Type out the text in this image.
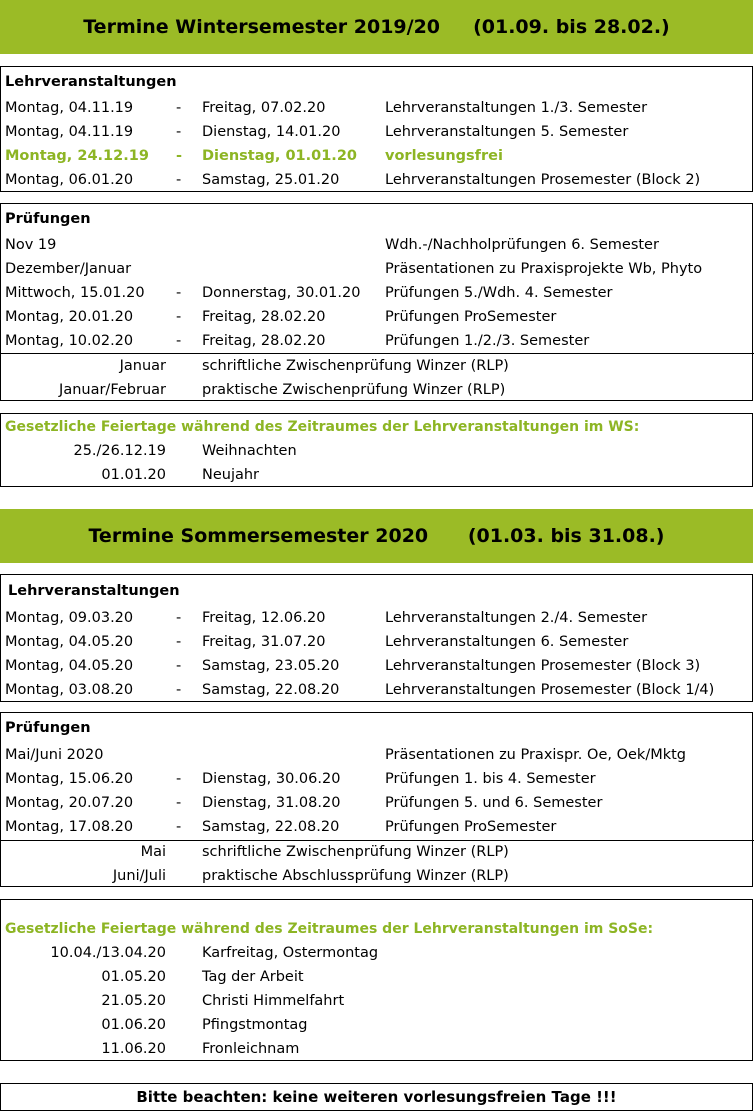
Termine Wintersemester 2019/20     (01.09. bis 28.02.)
Lehrveranstaltungen
Montag, 04.11.19	- Freitag, 07.02.20	Lehrveranstaltungen 1./3. Semester
Montag, 04.11.19	- Dienstag, 14.01.20	Lehrveranstaltungen 5. Semester
Montag, 24.12.19 - Dienstag, 01.01.20 vorlesungsfrei
Montag, 06.01.20	- Samstag, 25.01.20	Lehrveranstaltungen Prosemester (Block 2)
Prüfungen
Nov 19	Wdh.-/Nachholprüfungen 6. Semester
Dezember/Januar	Präsentationen zu Praxisprojekte Wb, Phyto
Mittwoch, 15.01.20 - Donnerstag, 30.01.20 Prüfungen 5./Wdh. 4. Semester
Montag, 20.01.20	- Freitag, 28.02.20	Prüfungen ProSemester
Montag, 10.02.20	- Freitag, 28.02.20	Prüfungen 1./2./3. Semester
Januar schriftliche Zwischenprüfung Winzer (RLP)
Januar/Februar praktische Zwischenprüfung Winzer (RLP)
Gesetzliche Feiertage während des Zeitraumes der Lehrveranstaltungen im WS:
25./26.12.19 Weihnachten
01.01.20 Neujahr
Termine Sommersemester 2020      (01.03. bis 31.08.)
Lehrveranstaltungen
Montag, 09.03.20	- Freitag, 12.06.20	Lehrveranstaltungen 2./4. Semester
Montag, 04.05.20	- Freitag, 31.07.20	Lehrveranstaltungen 6. Semester
Montag, 04.05.20	- Samstag, 23.05.20	Lehrveranstaltungen Prosemester (Block 3)
Montag, 03.08.20	- Samstag, 22.08.20	Lehrveranstaltungen Prosemester (Block 1/4)
Prüfungen
Mai/Juni 2020	Präsentationen zu Praxispr. Oe, Oek/Mktg
Montag, 15.06.20	- Dienstag, 30.06.20	Prüfungen 1. bis 4. Semester
Montag, 20.07.20	- Dienstag, 31.08.20	Prüfungen 5. und 6. Semester
Montag, 17.08.20	- Samstag, 22.08.20	Prüfungen ProSemester
Mai schriftliche Zwischenprüfung Winzer (RLP)
Juni/Juli praktische Abschlussprüfung Winzer (RLP)
Gesetzliche Feiertage während des Zeitraumes der Lehrveranstaltungen im SoSe:
10.04./13.04.20 Karfreitag, Ostermontag
01.05.20 Tag der Arbeit
21.05.20 Christi Himmelfahrt
01.06.20 Pfingstmontag
11.06.20 Fronleichnam
Bitte beachten: keine weiteren vorlesungsfreien Tage !!!
